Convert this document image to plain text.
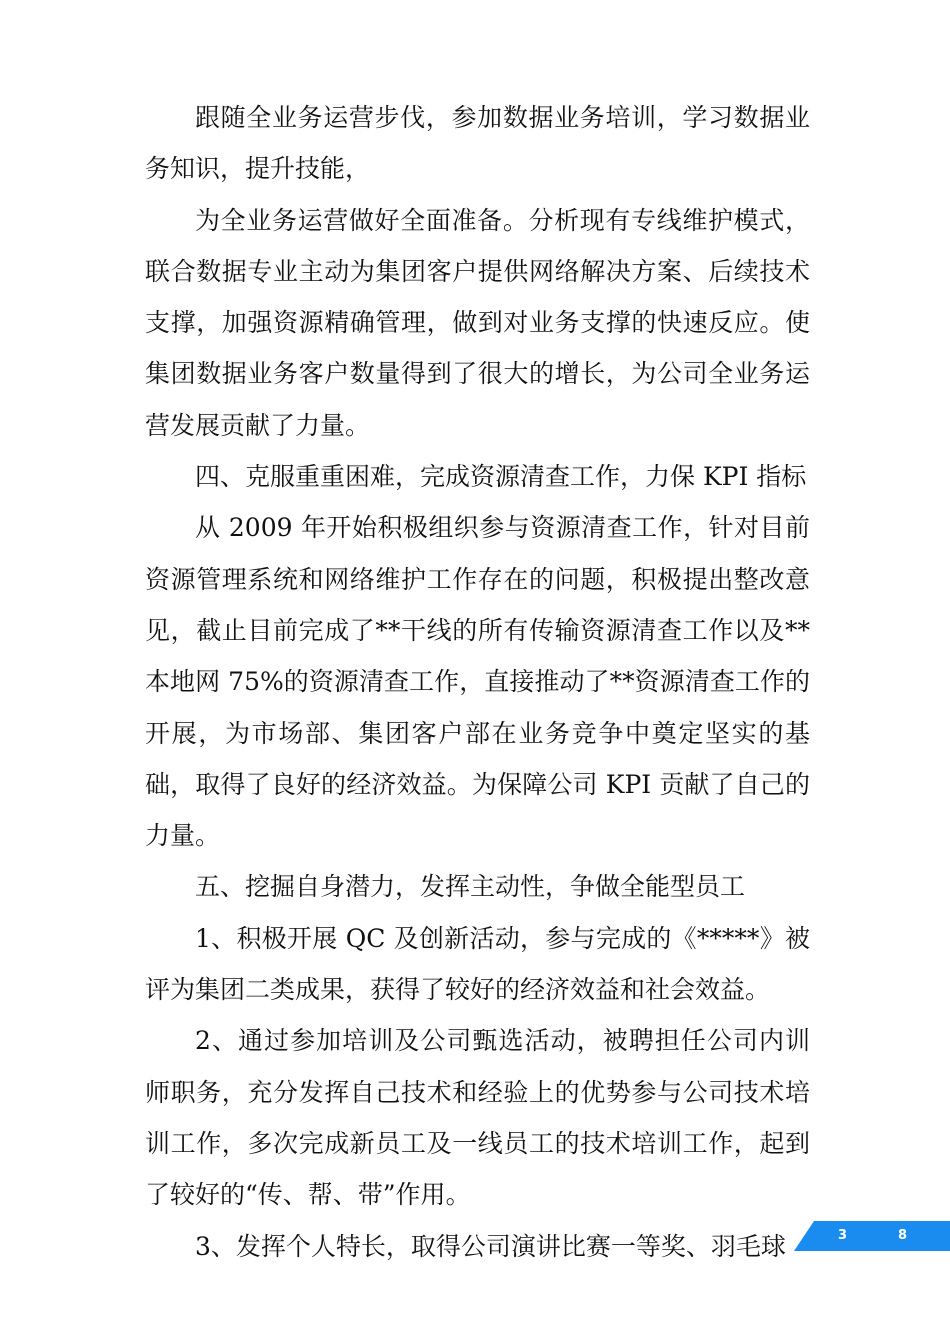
跟随全业务运营步伐，参加数据业务培训，学习数据业务知识，提升技能，

为全业务运营做好全面准备。分析现有专线维护模式，联合数据专业主动为集团客户提供网络解决方案、后续技术支撑，加强资源精确管理，做到对业务支撑的快速反应。使集团数据业务客户数量得到了很大的增长，为公司全业务运营发展贡献了力量。

四、克服重重困难，完成资源清查工作，力保 KPI 指标

从 2009 年开始积极组织参与资源清查工作，针对目前资源管理系统和网络维护工作存在的问题，积极提出整改意见，截止目前完成了**干线的所有传输资源清查工作以及**本地网 75%的资源清查工作，直接推动了**资源清查工作的开展，为市场部、集团客户部在业务竞争中奠定坚实的基础，取得了良好的经济效益。为保障公司 KPI 贡献了自己的力量。

五、挖掘自身潜力，发挥主动性，争做全能型员工

1、积极开展 QC 及创新活动，参与完成的《*****》被评为集团二类成果，获得了较好的经济效益和社会效益。

2、通过参加培训及公司甄选活动，被聘担任公司内训师职务，充分发挥自己技术和经验上的优势参与公司技术培训工作，多次完成新员工及一线员工的技术培训工作，起到了较好的“传、帮、带”作用。

3、发挥个人特长，取得公司演讲比赛一等奖、羽毛球	3	8
